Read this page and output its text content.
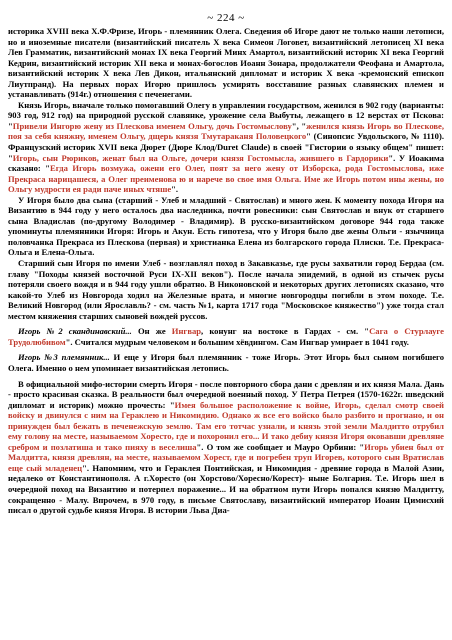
~ 224 ~

историка XVIII века Х.Ф.Фризе, Игорь - племянник Олега. Сведения об Игоре дают не только наши летописи, но и иноземные писатели (византийский писатель X века Симеон Логовет, византийский летописец XI века Лев Грамматик, византийский монах IX века Георгий Минх Амартол, византийский историк XI века Георгий Кедрин, византийский историк XII века и монах-богослов Иоанн Зонара, продолжатели Феофана и Амартола, византийский историк X века Лев Дикон, итальянский дипломат и историк X века -кремонский епископ Лиутпранд). На первых порах Игорю пришлось усмирять восставшие разных славянских племен и устанавливать (914г.) отношения с печенегами.

Князь Игорь, вначале только помогавший Олегу в управлении государством, женился в 902 году (варианты: 903 год, 912 год) на природной русской славянке, урожение села Выбуты, лежащего в 12 верстах от Пскова: "Привели Ингорю жену из Плескова именем Ольгу, дочь Гостомыслову", "женился князь Игорь во Плескове, поя за себя княжну, именем Ольгу, дщерь князя Тмутараканя Половецкого" (Синопсис Увдольского, № 1110). Французский историк XVII века Дюрет (Дюре Клод/Duret Claude) в своей "Гистории о языку общем" пишет: "Игорь, сын Рюриков, женат был на Ольге, дочери князя Гостомысла, жившего в Гардорики". У Иоакима сказано: "Егда Игорь возмужа, ожени его Олег, поят за него жену от Изборска, рода Гостомыслова, иже Прекраса нарицашеся, а Олег преименова ю и нарече во свое имя Ольга. Име же Игорь потом ины жены, но Ольгу мудрости ея ради паче иных чтяше".

У Игоря было два сына (старший - Улеб и младший - Святослав) и много жен. К моменту похода Игоря на Византию в 944 году у него осталось два наследника, почти ровесники: сын Святослав и внук от старшего сына Владислав (по-другому Володимер - Владимир). В русско-византийском договоре 944 года также упоминуты племянники Игоря: Игорь и Акун. Есть гипотеза, что у Игоря было две жены Ольги - язычница половчанка Прекраса из Плескова (первая) и христианка Елена из болгарского города Плиски. Т.е. Прекраса-Ольга и Елена-Ольга.

Старший сын Игоря по имени Улеб - возглавлял поход в Закавказье, где русы захватили город Бердаа (см. главу "Походы князей восточной Руси IX-XII веков"). После начала эпидемий, в одной из стычек русы потеряли своего вождя и в 944 году ушли обратно. В Никоновской и некоторых других летописях сказано, что какой-то Улеб из Новгорода ходил на Железные врата, и многие новгородцы погибли в этом походе. Т.е. Великий Новгород (или Ярославль? - см. часть №1, карта 1717 года "Московское княжество") уже тогда стал местом княжения старших сыновей вождей руссов.

Игорь №2 скандинавский... Он же Ингвар, конунг на востоке в Гардах - см. "Сага о Стурлауге Трудолюбивом". Считался мудрым человеком и большим хёвдингом. Сам Ингвар умирает в 1041 году.

Игорь №3 племянник... И еще у Игоря был племянник - тоже Игорь. Этот Игорь был сыном погибшего Олега. Именно о нем упоминает византийская летопись.

В официальной мифо-истории смерть Игоря - после повторного сбора дани с древлян и их князя Мала. Дань - просто красивая сказка. В реальности был очередной военный поход. У Петра Петрея (1570-1622г. шведский дипломат и историк) можно прочесть: "Имея большое расположение к войне, Игорь, сделал смотр своей войску и двинулся с ним на Гераклею и Никомидию. Однако ж все его войско было разбито и прогнано, и он принужден был бежать в печенежскую землю. Там его тотчас узнали, и князь этой земли Малдитто отрубил ему голову на месте, называемом Хоресто, где и похоронил его... И тако дебиу князя Игоря оковавши древляне сребром и позлатиша и тако пияху в веселиша". О том же сообщает и Мауро Орбини: "Игорь убиен был от Малдитта, князя древлян, на месте, называемом Хорест, где и погребен труп Игорев, которого сын Вратислав еще сый младенец". Напомним, что и Гераклея Понтийская, и Никомидия - древние города в Малой Азии, недалеко от Константинополя. А г.Хоресто (он Хорстово/Хоресно/Корест)- ныне Болгария. Т.е. Игорь шел в очередной поход на Византию и потерпел поражение... И на обратном пути Игорь попался князю Малдитту, сокращенно - Малу. Впрочем, в 970 году, в письме Святославу, византийский император Иоанн Цимисхий писал о другой судьбе князя Игоря. В истории Льва Диа-
